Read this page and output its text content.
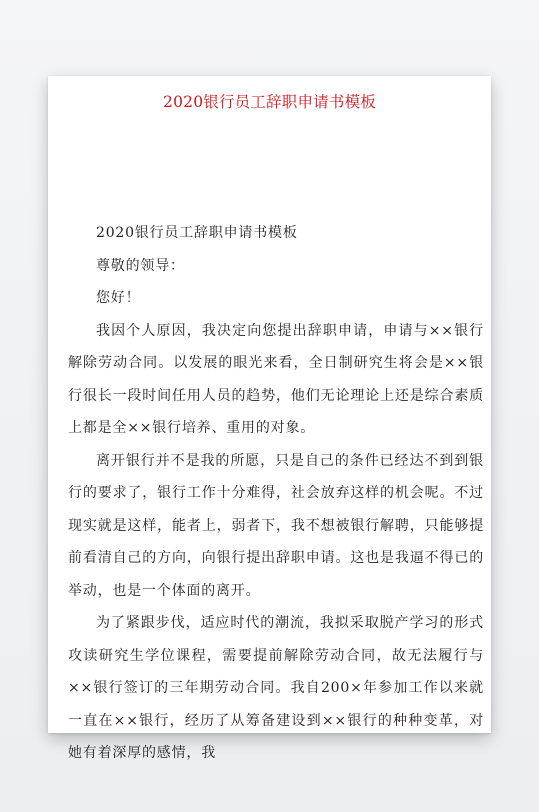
2020银行员工辞职申请书模板

2020银行员工辞职申请书模板

尊敬的领导：

您好！

我因个人原因，我决定向您提出辞职申请，申请与××银行解除劳动合同。以发展的眼光来看，全日制研究生将会是××银行很长一段时间任用人员的趋势，他们无论理论上还是综合素质上都是全××银行培养、重用的对象。

离开银行并不是我的所愿，只是自己的条件已经达不到到银行的要求了，银行工作十分难得，社会放弃这样的机会呢。不过现实就是这样，能者上，弱者下，我不想被银行解聘，只能够提前看清自己的方向，向银行提出辞职申请。这也是我逼不得已的举动，也是一个体面的离开。

为了紧跟步伐，适应时代的潮流，我拟采取脱产学习的形式攻读研究生学位课程，需要提前解除劳动合同，故无法履行与××银行签订的三年期劳动合同。我自200×年参加工作以来就一直在××银行，经历了从筹备建设到××银行的种种变革，对她有着深厚的感情，我
